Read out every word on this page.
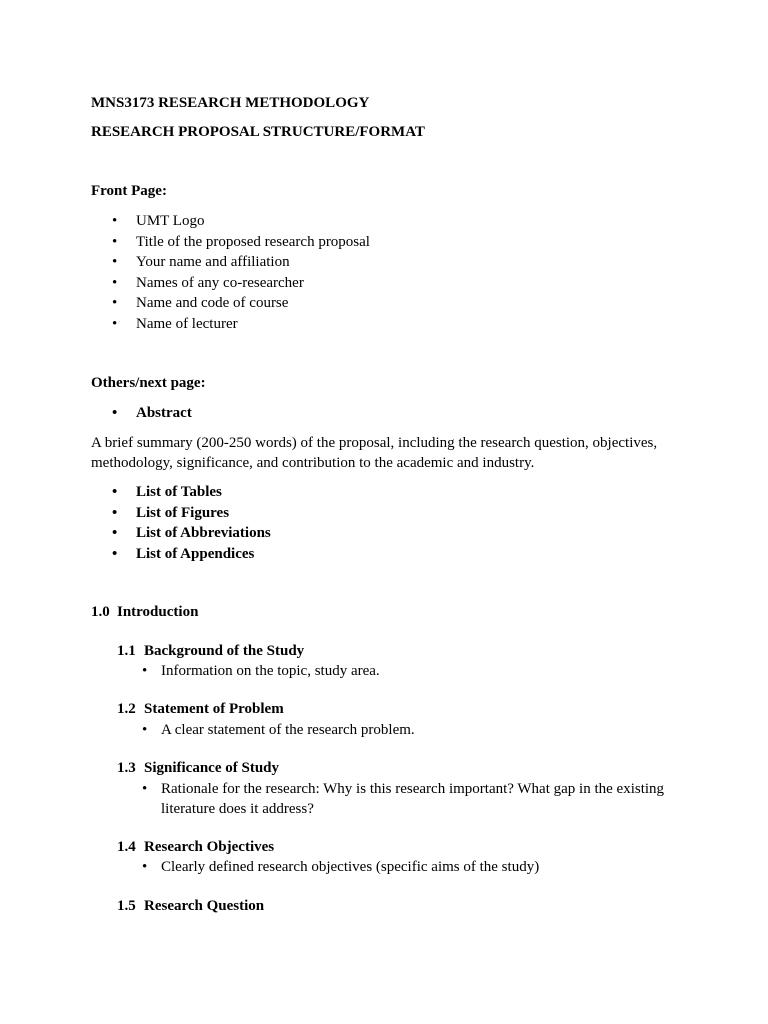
MNS3173 RESEARCH METHODOLOGY
RESEARCH PROPOSAL STRUCTURE/FORMAT
Front Page:
• UMT Logo
• Title of the proposed research proposal
• Your name and affiliation
• Names of any co-researcher
• Name and code of course
• Name of lecturer
Others/next page:
• Abstract
A brief summary (200-250 words) of the proposal, including the research question, objectives, methodology, significance, and contribution to the academic and industry.
• List of Tables
• List of Figures
• List of Abbreviations
• List of Appendices
1.0 Introduction
1.1 Background of the Study
• Information on the topic, study area.
1.2 Statement of Problem
• A clear statement of the research problem.
1.3 Significance of Study
• Rationale for the research: Why is this research important? What gap in the existing literature does it address?
1.4 Research Objectives
• Clearly defined research objectives (specific aims of the study)
1.5 Research Question
